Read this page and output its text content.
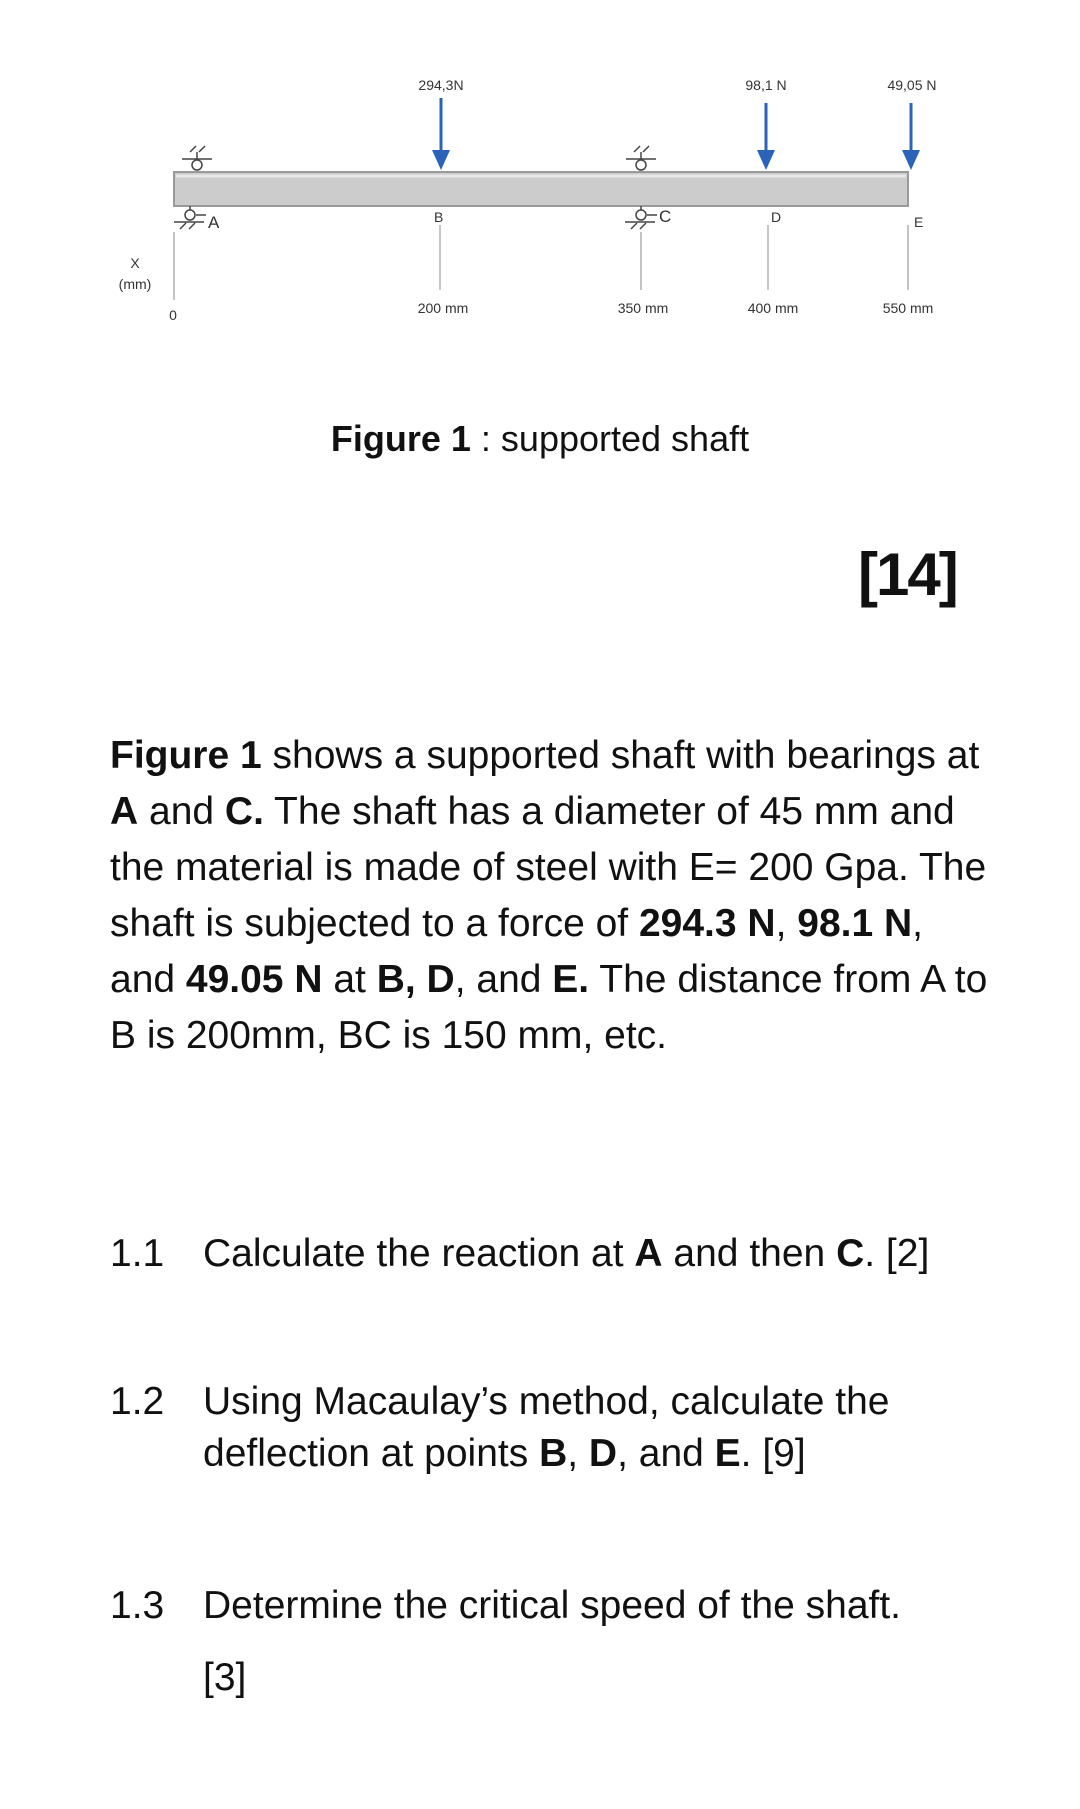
X
(mm)
0
A	C
B	D	E
200 mm	350 mm	400 mm	550 mm
294,3N	98,1 N	49,05 N
Figure 1 : supported shaft
[14]
Figure 1 shows a supported shaft with bearings at A and C. The shaft has a diameter of 45 mm and the material is made of steel with E= 200 Gpa. The shaft is subjected to a force of 294.3 N, 98.1 N, and 49.05 N at B, D, and E. The distance from A to B is 200mm, BC is 150 mm, etc.
1.1 Calculate the reaction at A and then C. [2]
1.2 Using Macaulay’s method, calculate the deflection at points B, D, and E. [9]
1.3 Determine the critical speed of the shaft.
[3]
